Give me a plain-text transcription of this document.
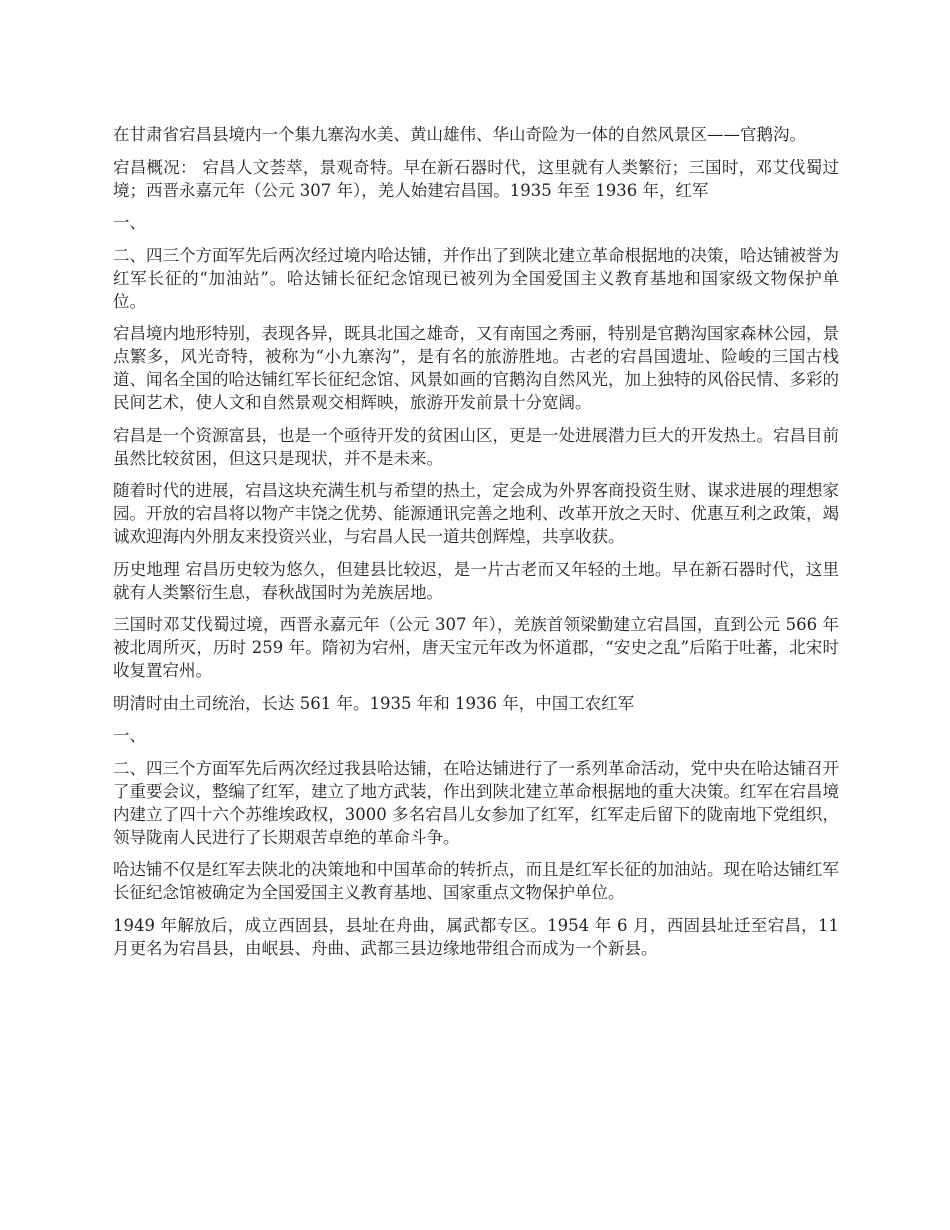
在甘肃省宕昌县境内一个集九寨沟水美、黄山雄伟、华山奇险为一体的自然风景区——官鹅沟。

宕昌概况： 宕昌人文荟萃，景观奇特。早在新石器时代，这里就有人类繁衍；三国时，邓艾伐蜀过境；西晋永嘉元年（公元 307 年），羌人始建宕昌国。1935 年至 1936 年，红军

一、

二、四三个方面军先后两次经过境内哈达铺，并作出了到陕北建立革命根据地的决策，哈达铺被誉为红军长征的“加油站”。哈达铺长征纪念馆现已被列为全国爱国主义教育基地和国家级文物保护单位。

宕昌境内地形特别，表现各异，既具北国之雄奇，又有南国之秀丽，特别是官鹅沟国家森林公园，景点繁多，风光奇特，被称为“小九寨沟”，是有名的旅游胜地。古老的宕昌国遗址、险峻的三国古栈道、闻名全国的哈达铺红军长征纪念馆、风景如画的官鹅沟自然风光，加上独特的风俗民情、多彩的民间艺术，使人文和自然景观交相辉映，旅游开发前景十分宽阔。

宕昌是一个资源富县，也是一个亟待开发的贫困山区，更是一处进展潜力巨大的开发热土。宕昌目前虽然比较贫困，但这只是现状，并不是未来。

随着时代的进展，宕昌这块充满生机与希望的热土，定会成为外界客商投资生财、谋求进展的理想家园。开放的宕昌将以物产丰饶之优势、能源通讯完善之地利、改革开放之天时、优惠互利之政策，竭诚欢迎海内外朋友来投资兴业，与宕昌人民一道共创辉煌，共享收获。

历史地理 宕昌历史较为悠久，但建县比较迟，是一片古老而又年轻的土地。早在新石器时代，这里就有人类繁衍生息，春秋战国时为羌族居地。

三国时邓艾伐蜀过境，西晋永嘉元年（公元 307 年），羌族首领梁勤建立宕昌国，直到公元 566 年被北周所灭，历时 259 年。隋初为宕州，唐天宝元年改为怀道郡，“安史之乱”后陷于吐蕃，北宋时收复置宕州。

明清时由土司统治，长达 561 年。1935 年和 1936 年，中国工农红军

一、

二、四三个方面军先后两次经过我县哈达铺，在哈达铺进行了一系列革命活动，党中央在哈达铺召开了重要会议，整编了红军，建立了地方武装，作出到陕北建立革命根据地的重大决策。红军在宕昌境内建立了四十六个苏维埃政权，3000 多名宕昌儿女参加了红军，红军走后留下的陇南地下党组织，领导陇南人民进行了长期艰苦卓绝的革命斗争。

哈达铺不仅是红军去陕北的决策地和中国革命的转折点，而且是红军长征的加油站。现在哈达铺红军长征纪念馆被确定为全国爱国主义教育基地、国家重点文物保护单位。

1949 年解放后，成立西固县，县址在舟曲，属武都专区。1954 年 6 月，西固县址迁至宕昌，11 月更名为宕昌县，由岷县、舟曲、武都三县边缘地带组合而成为一个新县。
